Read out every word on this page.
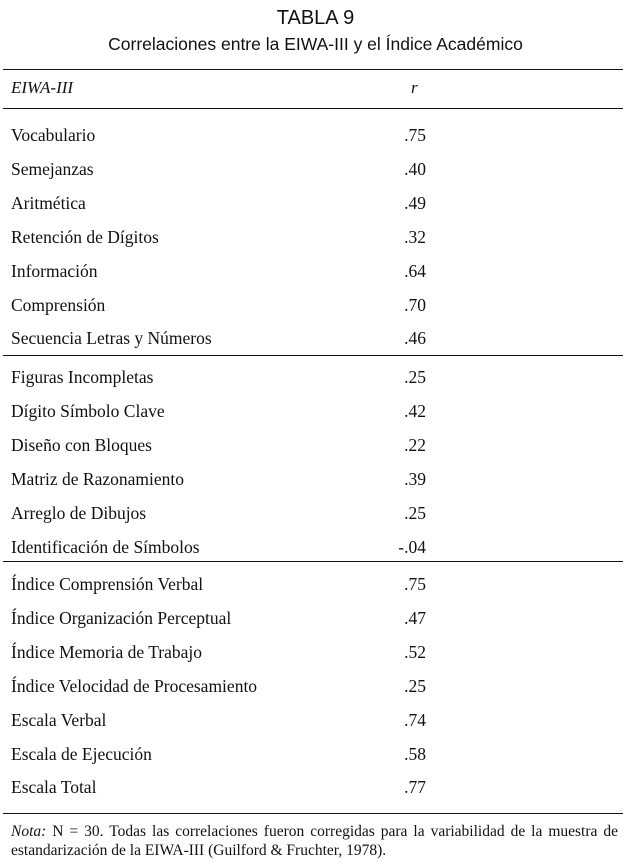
TABLA 9
Correlaciones entre la EIWA-III y el Índice Académico
EIWA-III	r
Vocabulario	.75
Semejanzas	.40
Aritmética	.49
Retención de Dígitos	.32
Información	.64
Comprensión	.70
Secuencia Letras y Números	.46
Figuras Incompletas	.25
Dígito Símbolo Clave	.42
Diseño con Bloques	.22
Matriz de Razonamiento	.39
Arreglo de Dibujos	.25
Identificación de Símbolos	-.04
Índice Comprensión Verbal	.75
Índice Organización Perceptual	.47
Índice Memoria de Trabajo	.52
Índice Velocidad de Procesamiento	.25
Escala Verbal	.74
Escala de Ejecución	.58
Escala Total	.77
Nota: N = 30. Todas las correlaciones fueron corregidas para la variabilidad de la muestra de estandarización de la EIWA-III (Guilford & Fruchter, 1978).
